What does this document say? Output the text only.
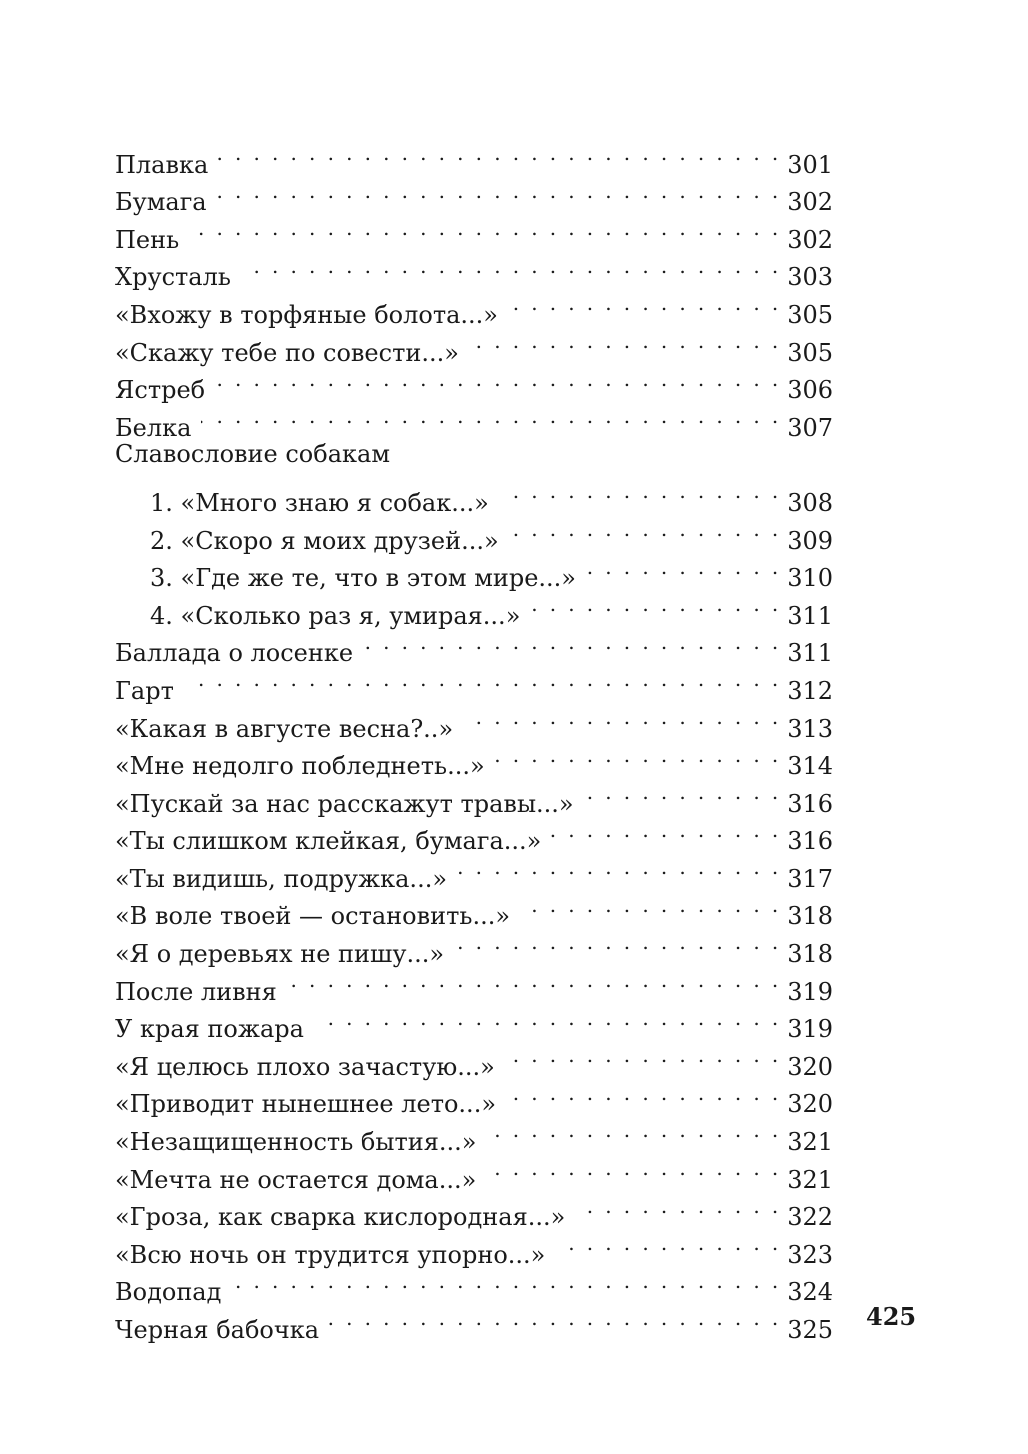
Плавка . . .	301
Бумага . . .	302
Пень . . .	302
Хрусталь . . .	303
«Вхожу в торфяные болота...» . . .	305
«Скажу тебе по совести...» . . .	305
Ястреб . . .	306
Белка . . .	307
Славословие собакам
1. «Много знаю я собак...» . . .	308
2. «Скоро я моих друзей...» . . .	309
3. «Где же те, что в этом мире...» . . .	310
4. «Сколько раз я, умирая...» . . .	311
Баллада о лосенке . . .	311
Гарт . . .	312
«Какая в августе весна?..» . . .	313
«Мне недолго побледнеть...» . . .	314
«Пускай за нас расскажут травы...» . . .	316
«Ты слишком клейкая, бумага...» . . .	316
«Ты видишь, подружка...» . . .	317
«В воле твоей — остановить...» . . .	318
«Я о деревьях не пишу...» . . .	318
После ливня . . .	319
У края пожара . . .	319
«Я целюсь плохо зачастую...» . . .	320
«Приводит нынешнее лето...» . . .	320
«Незащищенность бытия...» . . .	321
«Мечта не остается дома...» . . .	321
«Гроза, как сварка кислородная...» . . .	322
«Всю ночь он трудится упорно...» . . .	323
Водопад . . .	324
Черная бабочка . . .	325 425
